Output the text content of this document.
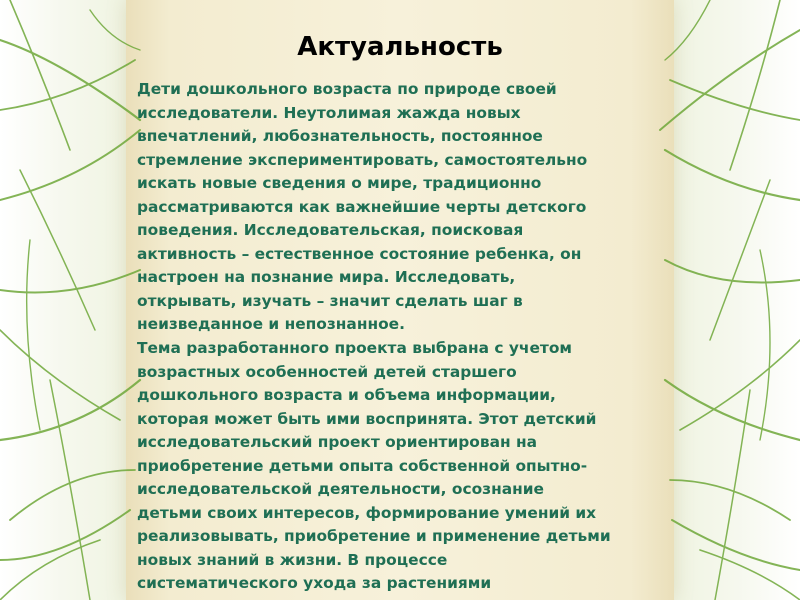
Актуальность

Дети дошкольного возраста по природе своей
исследователи. Неутолимая жажда новых
впечатлений, любознательность, постоянное
стремление экспериментировать, самостоятельно
искать новые сведения о мире, традиционно
рассматриваются как важнейшие черты детского
поведения. Исследовательская, поисковая
активность – естественное состояние ребенка, он
настроен на познание мира. Исследовать,
открывать, изучать – значит сделать шаг в
неизведанное и непознанное.
Тема разработанного проекта выбрана с учетом
возрастных особенностей детей старшего
дошкольного возраста и объема информации,
которая может быть ими воспринята. Этот детский
исследовательский проект ориентирован на
приобретение детьми опыта собственной опытно-
исследовательской деятельности, осознание
детьми своих интересов, формирование умений их
реализовывать, приобретение и применение детьми
новых знаний в жизни. В процессе
систематического ухода за растениями
